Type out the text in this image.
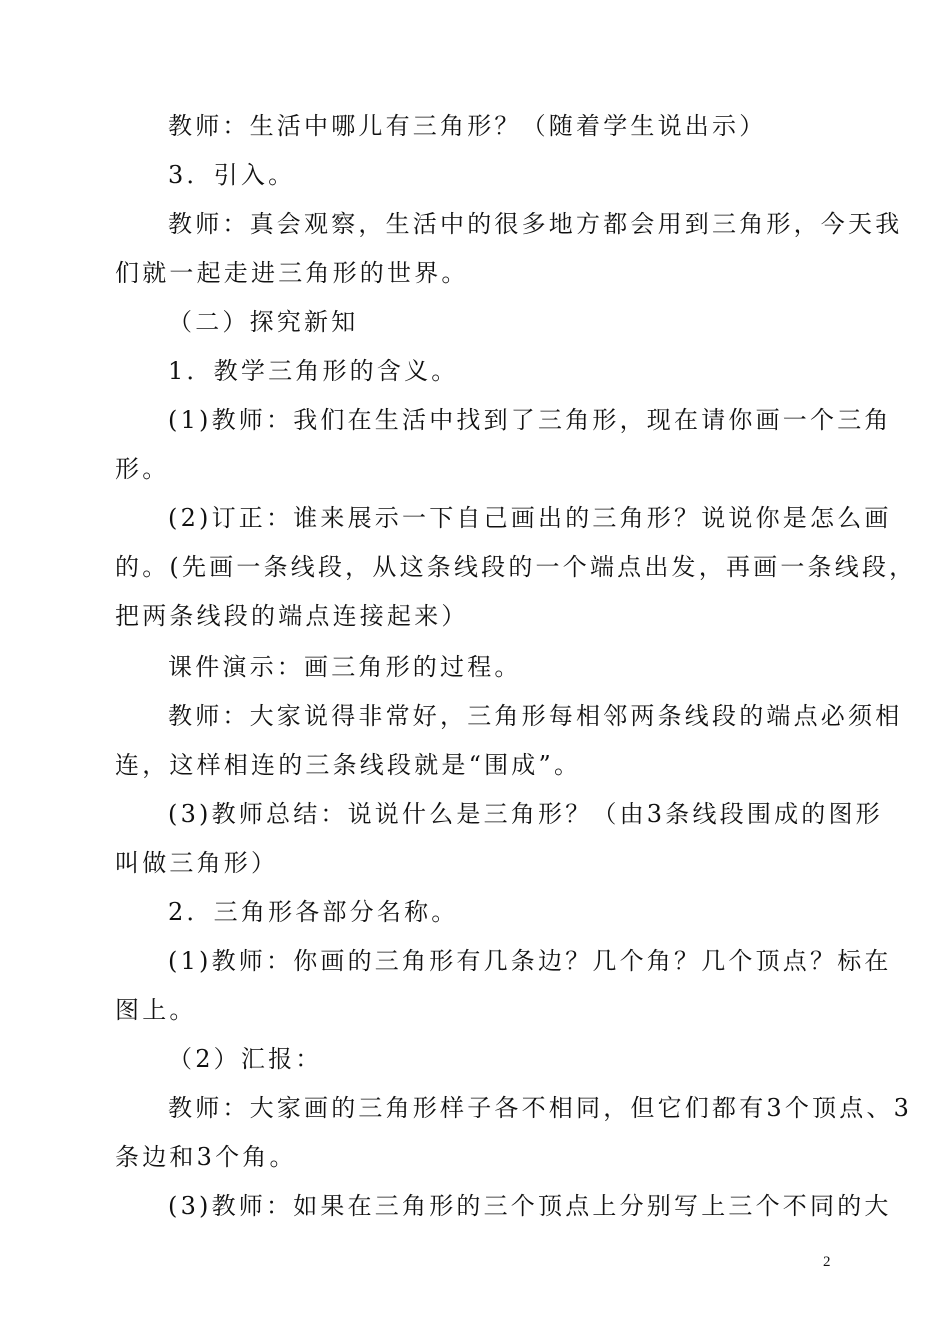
教师：生活中哪儿有三角形？（随着学生说出示）
3．引入。
教师：真会观察，生活中的很多地方都会用到三角形，今天我
们就一起走进三角形的世界。
（二）探究新知
1．教学三角形的含义。
(1)教师：我们在生活中找到了三角形，现在请你画一个三角
形。
(2)订正：谁来展示一下自己画出的三角形？说说你是怎么画
的。(先画一条线段，从这条线段的一个端点出发，再画一条线段，
把两条线段的端点连接起来）
课件演示：画三角形的过程。
教师：大家说得非常好，三角形每相邻两条线段的端点必须相
连，这样相连的三条线段就是“围成”。
(3)教师总结：说说什么是三角形？（由3条线段围成的图形
叫做三角形）
2．三角形各部分名称。
(1)教师：你画的三角形有几条边？几个角？几个顶点？标在
图上。
（2）汇报：
教师：大家画的三角形样子各不相同，但它们都有3个顶点、3
条边和3个角。
(3)教师：如果在三角形的三个顶点上分别写上三个不同的大
2
